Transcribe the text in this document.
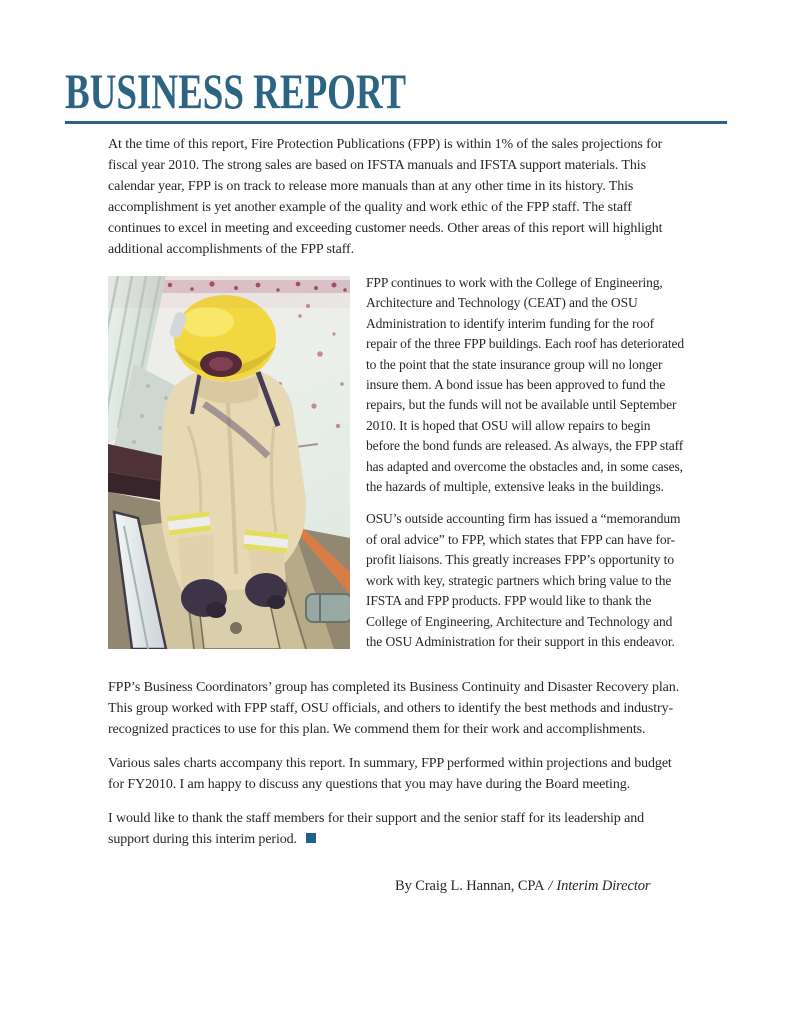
BUSINESS REPORT

At the time of this report, Fire Protection Publications (FPP) is within 1% of the sales projections for fiscal year 2010. The strong sales are based on IFSTA manuals and IFSTA support materials. This calendar year, FPP is on track to release more manuals than at any other time in its history. This accomplishment is yet another example of the quality and work ethic of the FPP staff. The staff continues to excel in meeting and exceeding customer needs. Other areas of this report will highlight additional accomplishments of the FPP staff.

FPP continues to work with the College of Engineering, Architecture and Technology (CEAT) and the OSU Administration to identify interim funding for the roof repair of the three FPP buildings. Each roof has deteriorated to the point that the state insurance group will no longer insure them. A bond issue has been approved to fund the repairs, but the funds will not be available until September 2010. It is hoped that OSU will allow repairs to begin before the bond funds are released. As always, the FPP staff has adapted and overcome the obstacles and, in some cases, the hazards of multiple, extensive leaks in the buildings.

OSU’s outside accounting firm has issued a “memorandum of oral advice” to FPP, which states that FPP can have for-profit liaisons. This greatly increases FPP’s opportunity to work with key, strategic partners which bring value to the IFSTA and FPP products. FPP would like to thank the College of Engineering, Architecture and Technology and the OSU Administration for their support in this endeavor.

FPP’s Business Coordinators’ group has completed its Business Continuity and Disaster Recovery plan. This group worked with FPP staff, OSU officials, and others to identify the best methods and industry-recognized practices to use for this plan. We commend them for their work and accomplishments.

Various sales charts accompany this report. In summary, FPP performed within projections and budget for FY2010. I am happy to discuss any questions that you may have during the Board meeting.

I would like to thank the staff members for their support and the senior staff for its leadership and support during this interim period.

By Craig L. Hannan, CPA / Interim Director
